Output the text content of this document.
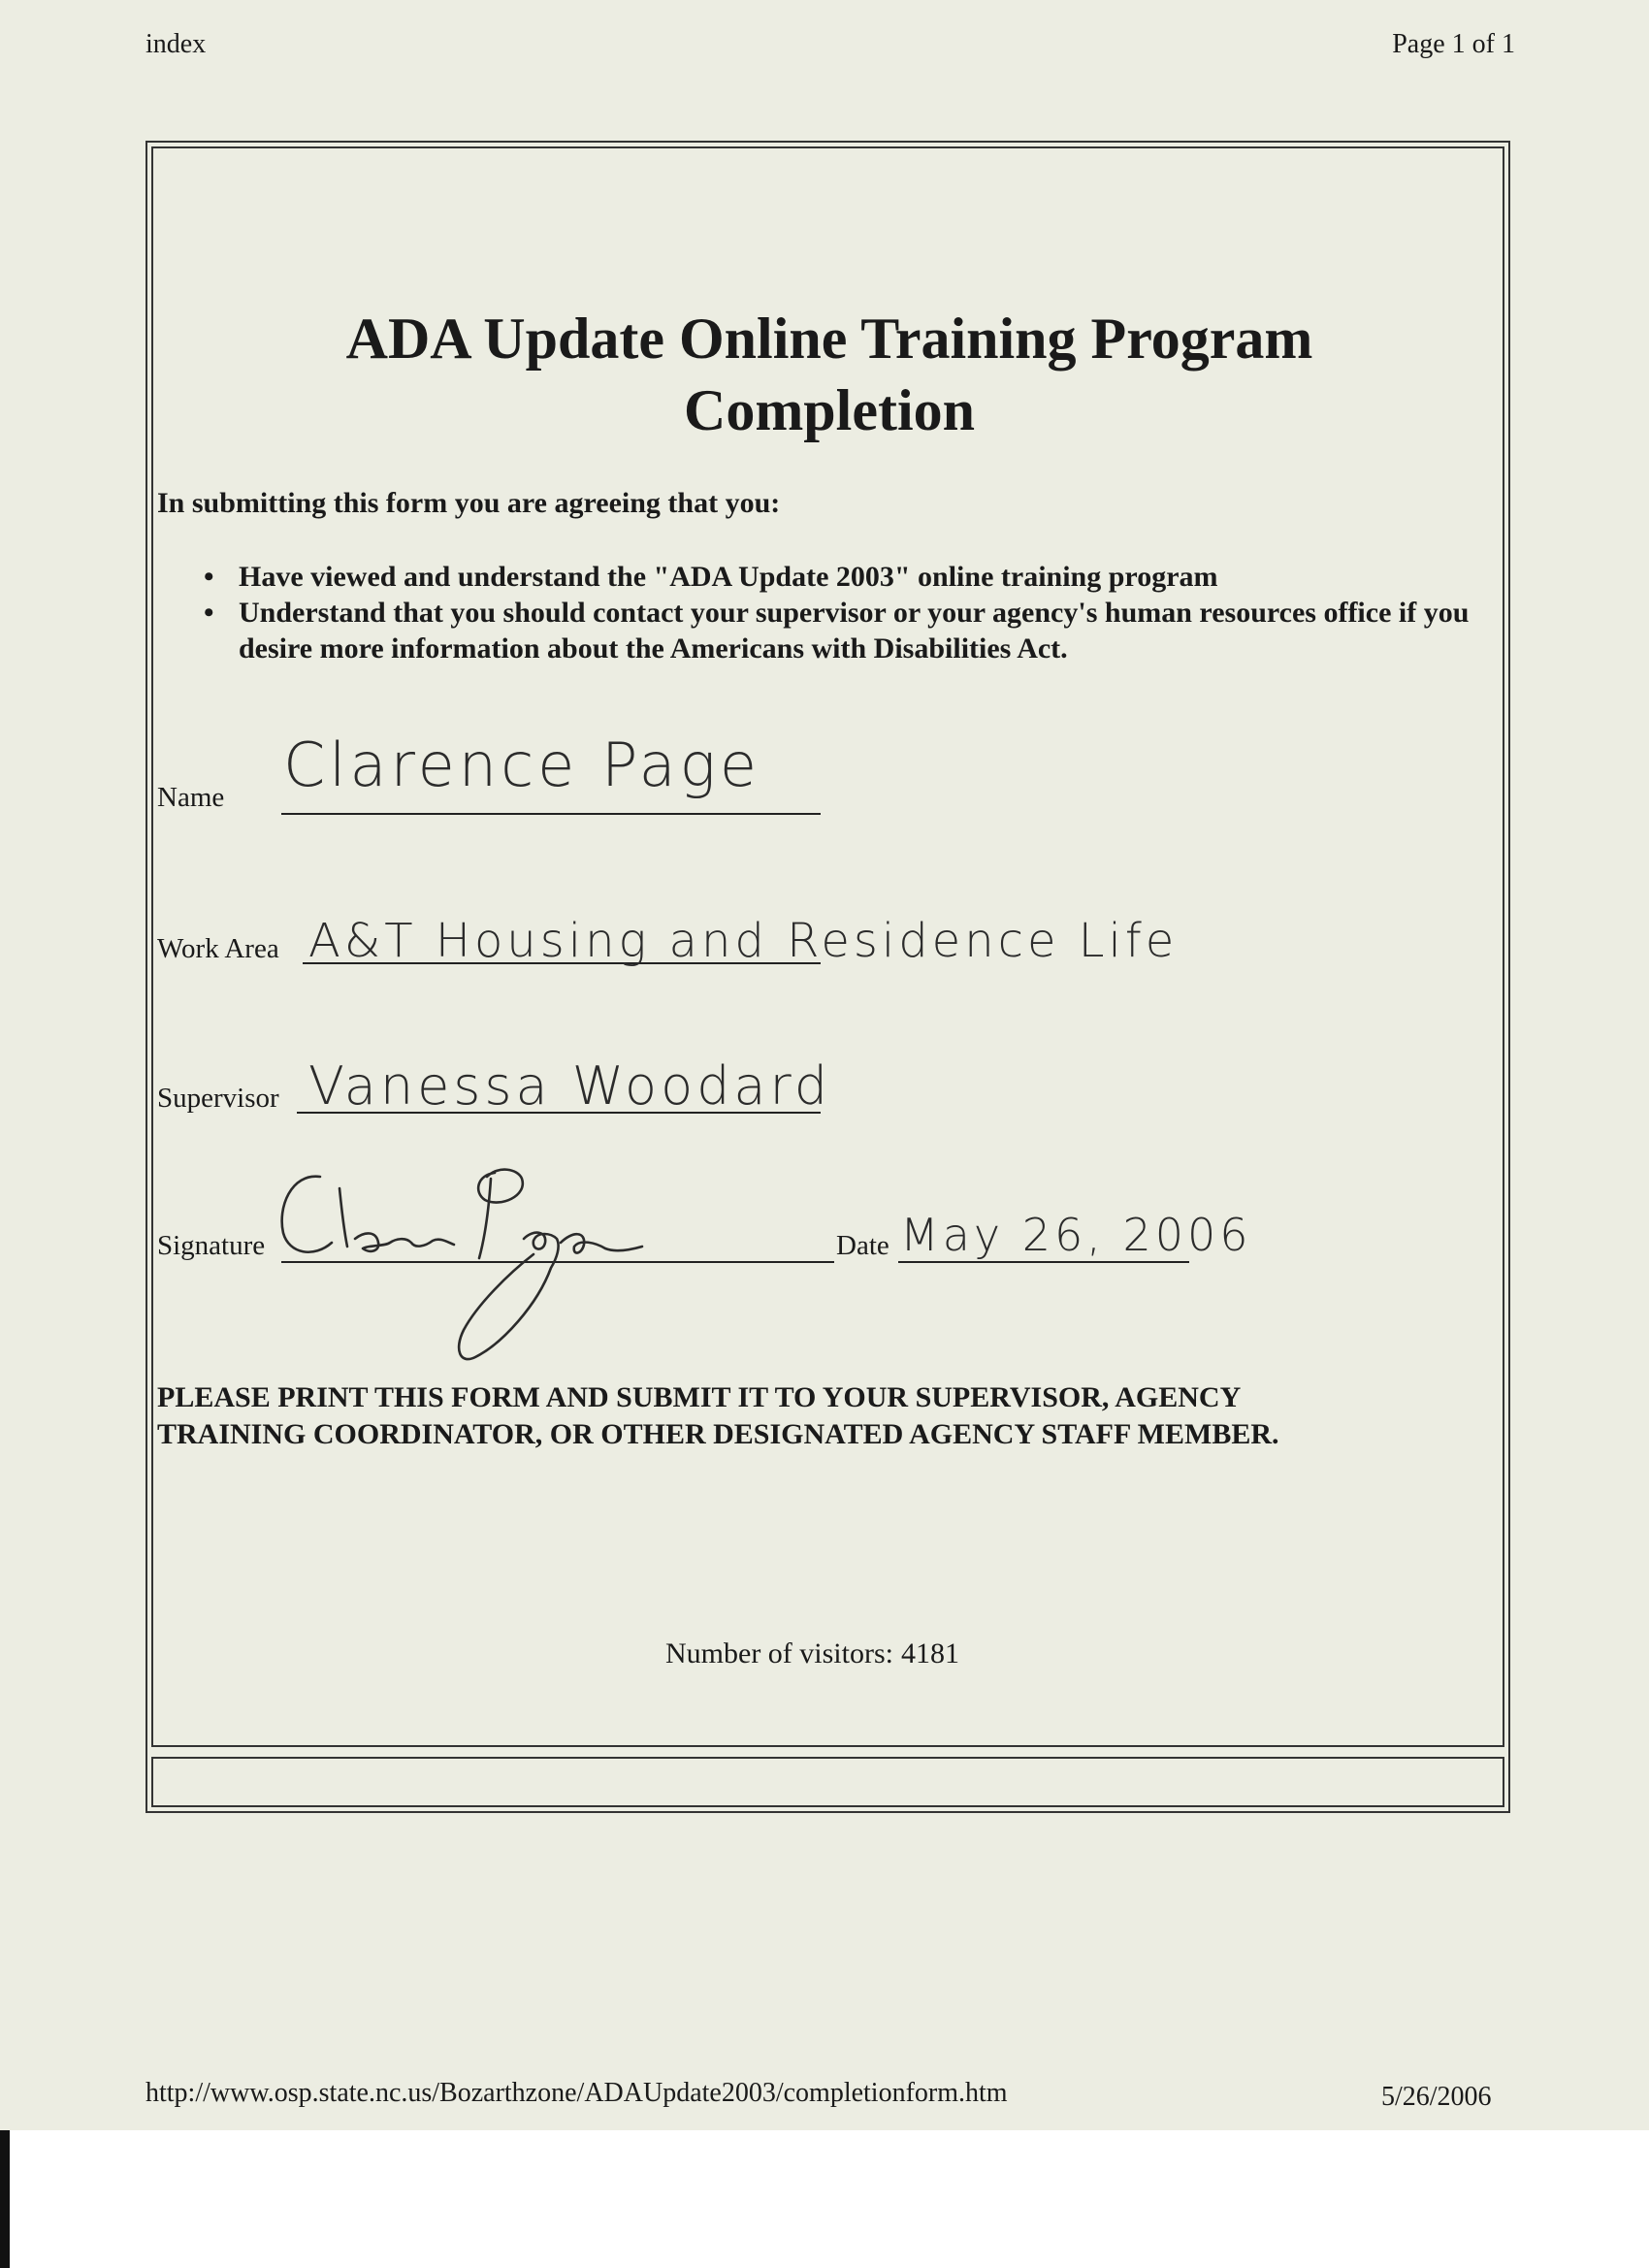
index	Page 1 of 1
ADA Update Online Training Program
Completion
In submitting this form you are agreeing that you:
• Have viewed and understand the "ADA Update 2003" online training program
• Understand that you should contact your supervisor or your agency's human resources office if you desire more information about the Americans with Disabilities Act.
Name Clarence Page
Work Area A&T Housing and Residence Life
Supervisor Vanessa Woodard
Signature	Date May 26, 2006
PLEASE PRINT THIS FORM AND SUBMIT IT TO YOUR SUPERVISOR, AGENCY
TRAINING COORDINATOR, OR OTHER DESIGNATED AGENCY STAFF MEMBER.
Number of visitors: 4181
http://www.osp.state.nc.us/Bozarthzone/ADAUpdate2003/completionform.htm	5/26/2006
